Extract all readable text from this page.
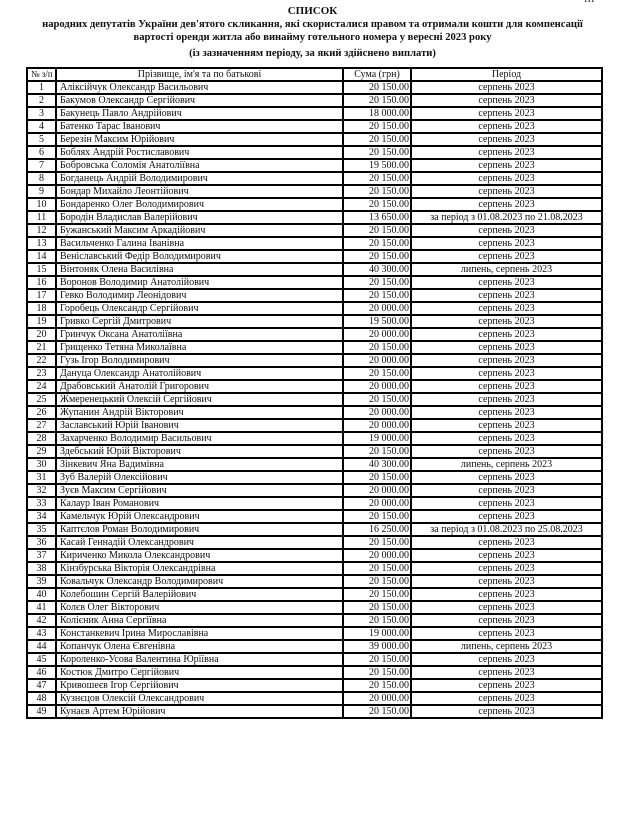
СПИСОК
народних депутатів України дев'ятого скликання, які скористалися правом та отримали кошти для компенсації
вартості оренди житла або винайму готельного номера у вересні 2023 року
(із зазначенням періоду, за який здійснено виплати)
№ з/п	Прізвище, ім'я та по батькові	Сума (грн)	Період
1	Аліксійчук Олександр Васильович	20 150.00	серпень 2023
2	Бакумов Олександр Сергійович	20 150.00	серпень 2023
3	Бакунець Павло Андрійович	18 000.00	серпень 2023
4	Батенко Тарас Іванович	20 150.00	серпень 2023
5	Березін Максим Юрійович	20 150.00	серпень 2023
6	Боблях Андрій Ростиславович	20 150.00	серпень 2023
7	Бобровська Соломія Анатоліївна	19 500.00	серпень 2023
8	Богданець Андрій Володимирович	20 150.00	серпень 2023
9	Бондар Михайло Леонтійович	20 150.00	серпень 2023
10	Бондаренко Олег Володимирович	20 150.00	серпень 2023
11	Бородін Владислав Валерійович	13 650.00	за період з 01.08.2023 по 21.08.2023
12	Бужанський Максим Аркадійович	20 150.00	серпень 2023
13	Васильченко Галина Іванівна	20 150.00	серпень 2023
14	Веніславський Федір Володимирович	20 150.00	серпень 2023
15	Вінтоняк Олена Василівна	40 300.00	липень, серпень 2023
16	Воронов Володимир Анатолійович	20 150.00	серпень 2023
17	Гевко Володимир Леонідович	20 150.00	серпень 2023
18	Горобець Олександр Сергійович	20 000.00	серпень 2023
19	Гривко Сергій Дмитрович	19 500.00	серпень 2023
20	Гринчук Оксана Анатоліївна	20 000.00	серпень 2023
21	Грищенко Тетяна Миколаївна	20 150.00	серпень 2023
22	Гузь Ігор Володимирович	20 000.00	серпень 2023
23	Дануца Олександр Анатолійович	20 150.00	серпень 2023
24	Драбовський Анатолій Григорович	20 000.00	серпень 2023
25	Жмеренецький Олексій Сергійович	20 150.00	серпень 2023
26	Жупанин Андрій Вікторович	20 000.00	серпень 2023
27	Заславський Юрій Іванович	20 000.00	серпень 2023
28	Захарченко Володимир Васильович	19 000.00	серпень 2023
29	Здебський Юрій Вікторович	20 150.00	серпень 2023
30	Зінкевич Яна Вадимівна	40 300.00	липень, серпень 2023
31	Зуб Валерій Олексійович	20 150.00	серпень 2023
32	Зуєв Максим Сергійович	20 000.00	серпень 2023
33	Калаур Іван Романович	20 000.00	серпень 2023
34	Камельчук Юрій Олександрович	20 150.00	серпень 2023
35	Каптєлов Роман Володимирович	16 250.00	за період з 01.08.2023 по 25.08.2023
36	Касай Геннадій Олександрович	20 150.00	серпень 2023
37	Кириченко Микола Олександрович	20 000.00	серпень 2023
38	Кінзбурська Вікторія Олександрівна	20 150.00	серпень 2023
39	Ковальчук Олександр Володимирович	20 150.00	серпень 2023
40	Колебошин Сергій Валерійович	20 150.00	серпень 2023
41	Колєв Олег Вікторович	20 150.00	серпень 2023
42	Колієник Анна Сергіївна	20 150.00	серпень 2023
43	Констанкевич Ірина Мирославівна	19 000.00	серпень 2023
44	Копанчук Олена Євгенівна	39 000.00	липень, серпень 2023
45	Короленко-Усова Валентина Юріївна	20 150.00	серпень 2023
46	Костюк Дмитро Сергійович	20 150.00	серпень 2023
47	Кривошеєв Ігор Сергійович	20 150.00	серпень 2023
48	Кузнєцов Олексій Олександрович	20 000.00	серпень 2023
49	Кунаєв Артем Юрійович	20 150.00	серпень 2023
